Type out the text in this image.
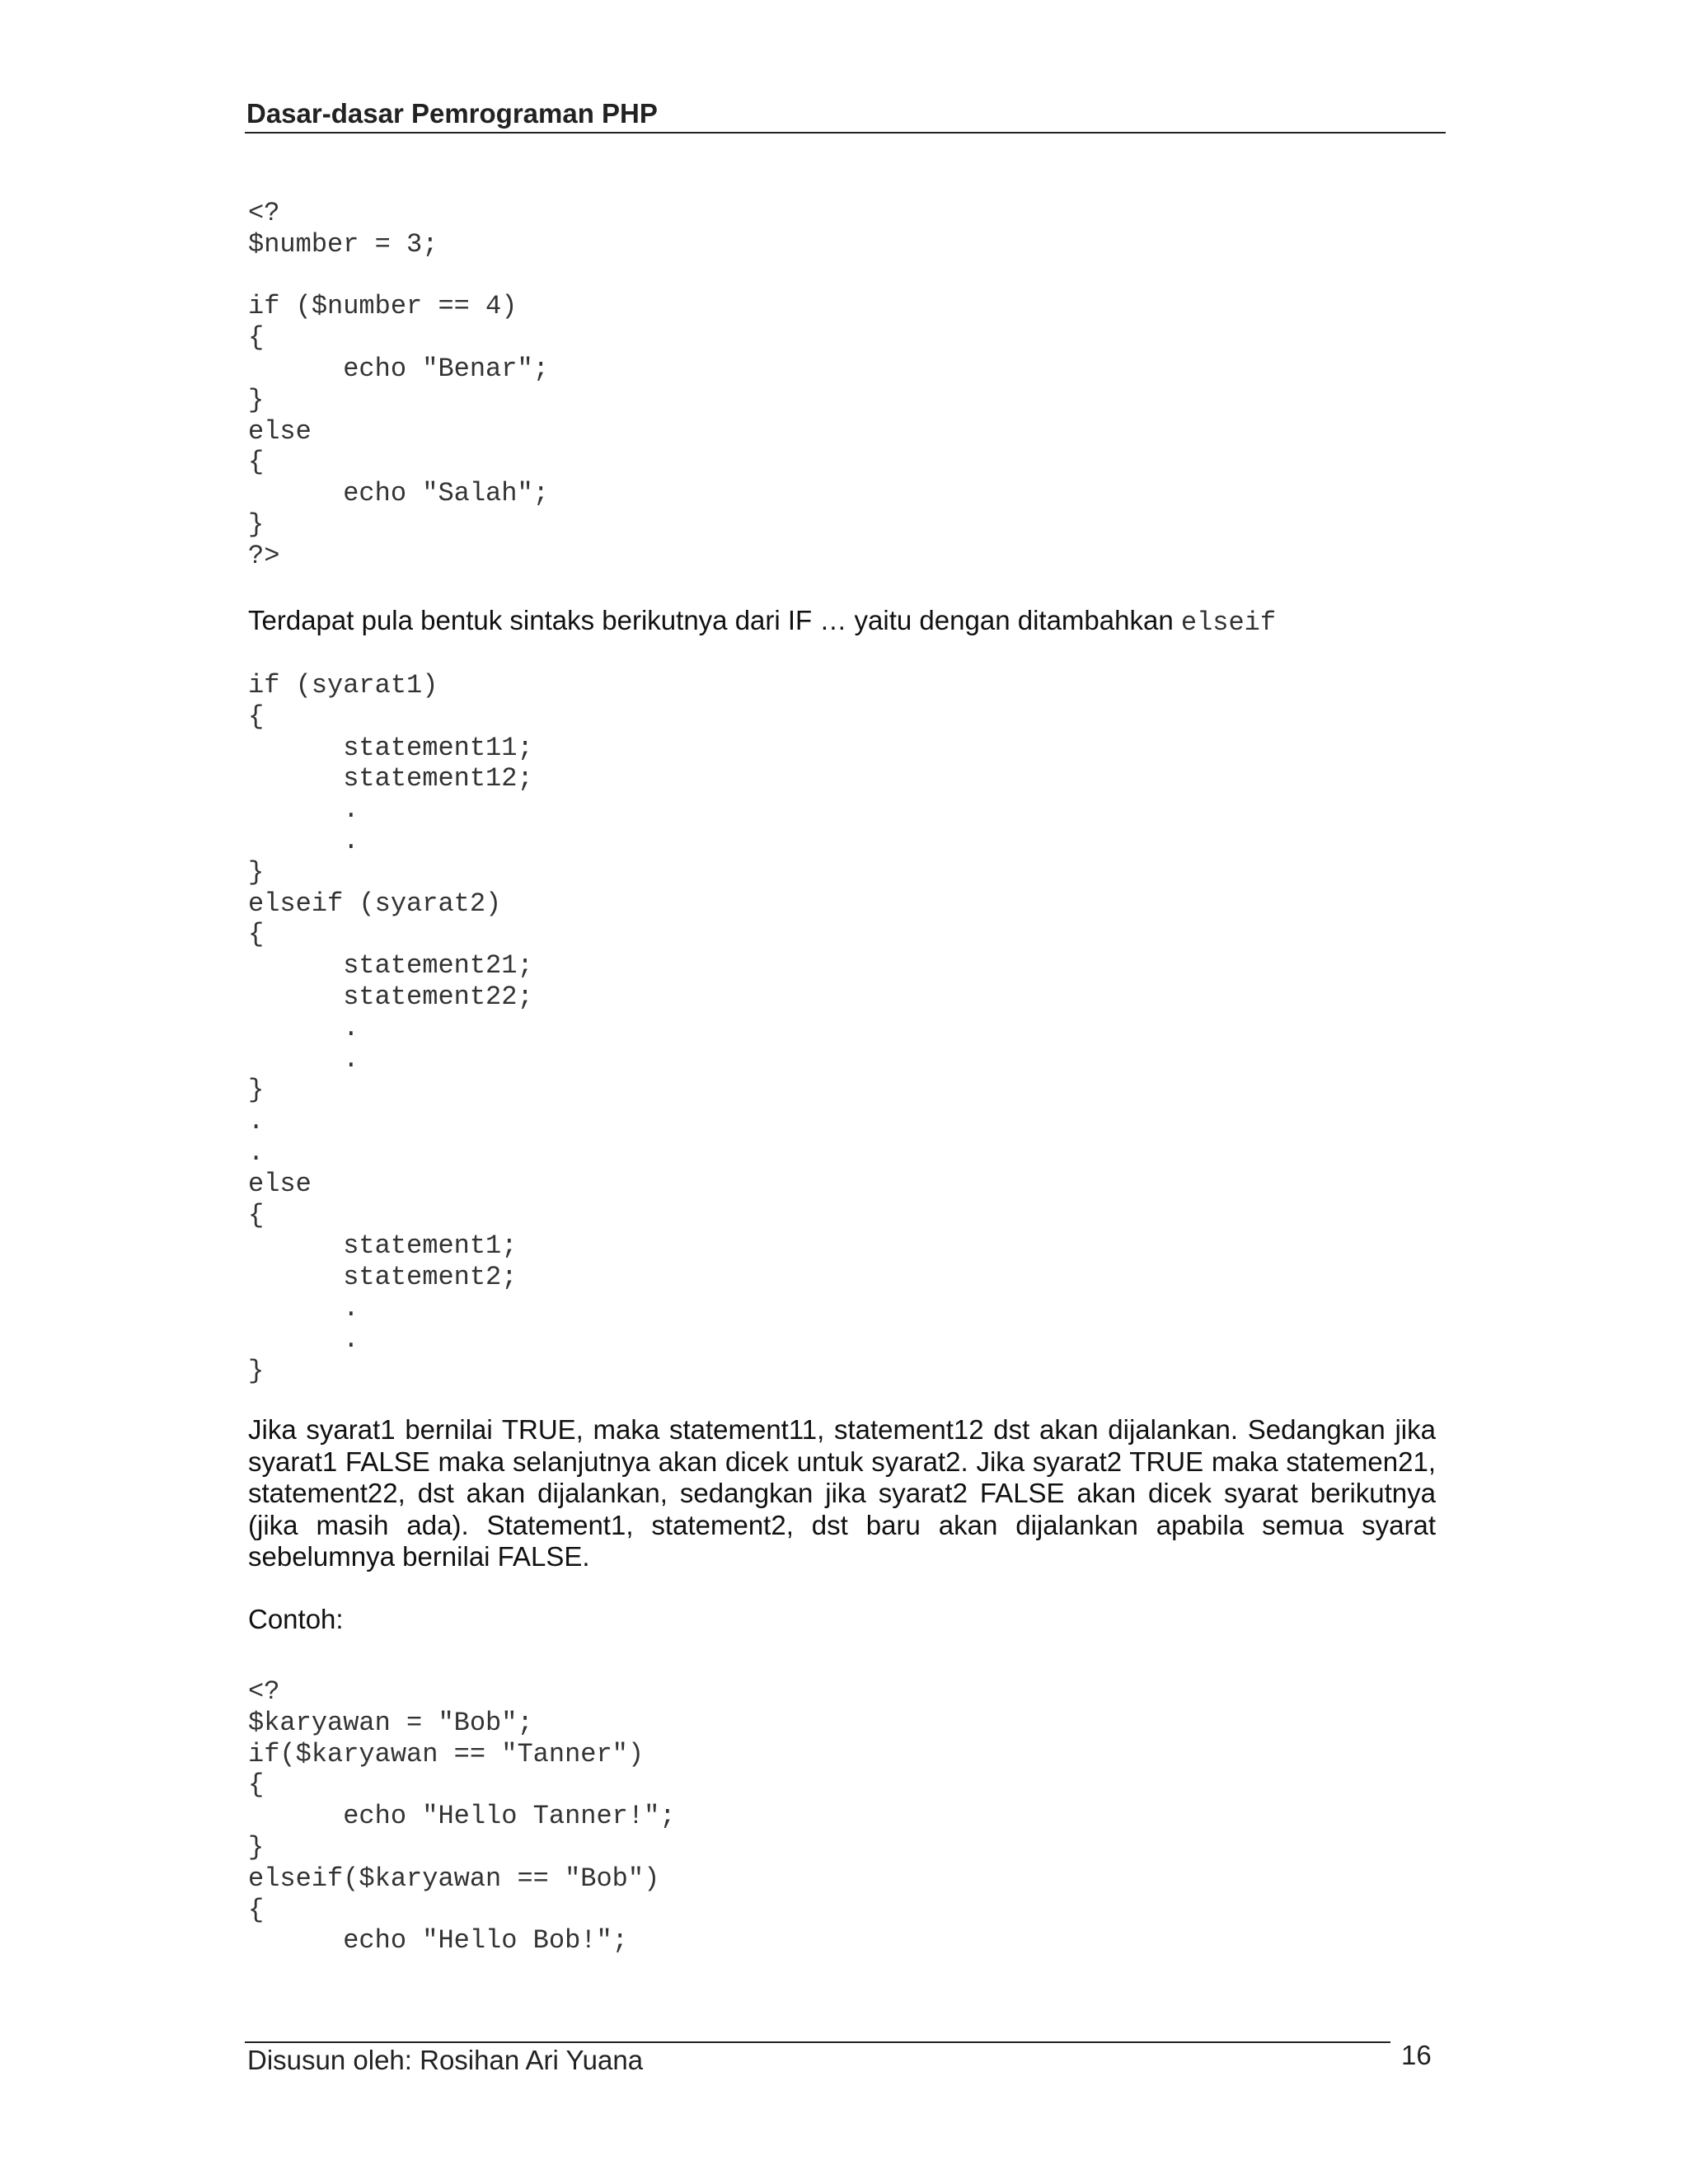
Dasar-dasar Pemrograman PHP
<?
$number = 3;

if ($number == 4)
{
	echo "Benar";
}
else
{
	echo "Salah";
}
?>
Terdapat pula bentuk sintaks berikutnya dari IF … yaitu dengan ditambahkan elseif
if (syarat1)
{
	statement11;
	statement12;
	.
	.
}
elseif (syarat2)
{
	statement21;
	statement22;
	.
	.
}
.
.
else
{
	statement1;
	statement2;
	.
	.
}
Jika syarat1 bernilai TRUE, maka statement11, statement12 dst akan dijalankan. Sedangkan jika syarat1 FALSE maka selanjutnya akan dicek untuk syarat2. Jika syarat2 TRUE maka statemen21, statement22, dst akan dijalankan, sedangkan jika syarat2 FALSE akan dicek syarat berikutnya (jika masih ada). Statement1, statement2, dst baru akan dijalankan apabila semua syarat sebelumnya bernilai FALSE.
Contoh:
<?
$karyawan = "Bob";
if($karyawan == "Tanner")
{
	echo "Hello Tanner!";
}
elseif($karyawan == "Bob")
{
	echo "Hello Bob!";
Disusun oleh: Rosihan Ari Yuana	16
